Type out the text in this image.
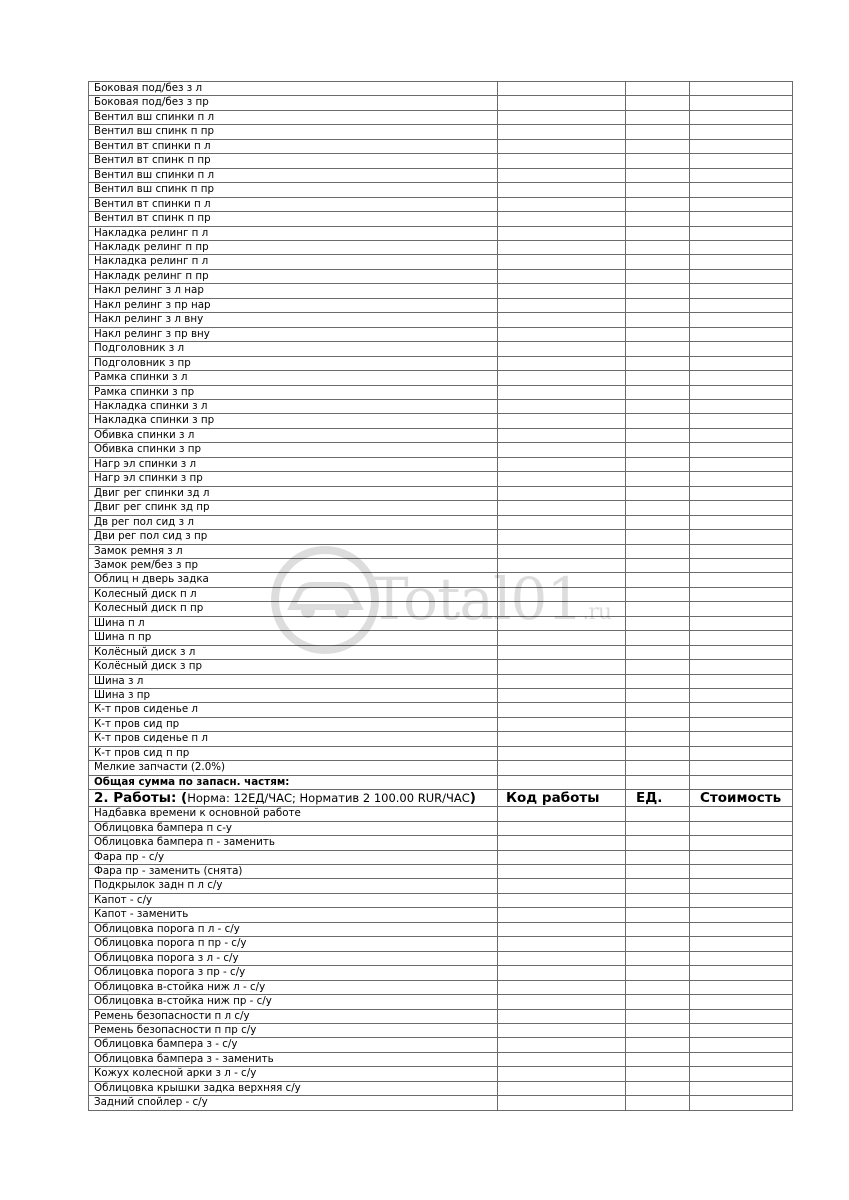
Боковая под/без з л			
Боковая под/без з пр			
Вентил вш спинки п л			
Вентил вш спинк п пр			
Вентил вт спинки п л			
Вентил вт спинк п пр			
Вентил вш спинки п л			
Вентил вш спинк п пр			
Вентил вт спинки п л			
Вентил вт спинк п пр			
Накладка релинг п л			
Накладк релинг п пр			
Накладка релинг п л			
Накладк релинг п пр			
Накл релинг з л нар			
Накл релинг з пр нар			
Накл релинг з л вну			
Накл релинг з пр вну			
Подголовник з л			
Подголовник з пр			
Рамка спинки з л			
Рамка спинки з пр			
Накладка спинки з л			
Накладка спинки з пр			
Обивка спинки з л			
Обивка спинки з пр			
Нагр эл спинки з л			
Нагр эл спинки з пр			
Двиг рег спинки зд л			
Двиг рег спинк зд пр			
Дв рег пол сид з л			
Дви рег пол сид з пр			
Замок ремня з л			
Замок рем/без з пр			
Облиц н дверь задка			
Колесный диск п л			
Колесный диск п пр			
Шина п л			
Шина п пр			
Колёсный диск з л			
Колёсный диск з пр			
Шина з л			
Шина з пр			
К-т пров сиденье л			
К-т пров сид пр			
К-т пров сиденье п л			
К-т пров сид п пр			
Мелкие запчасти (2.0%)			
Общая сумма по запасн. частям:			
2. Работы: (Норма: 12ЕД/ЧАС; Норматив 2 100.00 RUR/ЧАС)	Код работы	ЕД.	Стоимость
Надбавка времени к основной работе			
Облицовка бампера п с-у			
Облицовка бампера п - заменить			
Фара пр - с/у			
Фара пр - заменить (снята)			
Подкрылок задн п л с/у			
Капот - с/у			
Капот - заменить			
Облицовка порога п л - с/у			
Облицовка порога п пр - с/у			
Облицовка порога з л - с/у			
Облицовка порога з пр - с/у			
Облицовка в-стойка ниж л - с/у			
Облицовка в-стойка ниж пр - с/у			
Ремень безопасности п л с/у			
Ремень безопасности п пр с/у			
Облицовка бампера з - с/у			
Облицовка бампера з - заменить			
Кожух колесной арки з л - с/у			
Облицовка крышки задка верхняя с/у			
Задний спойлер - с/у			
Total01.ru
